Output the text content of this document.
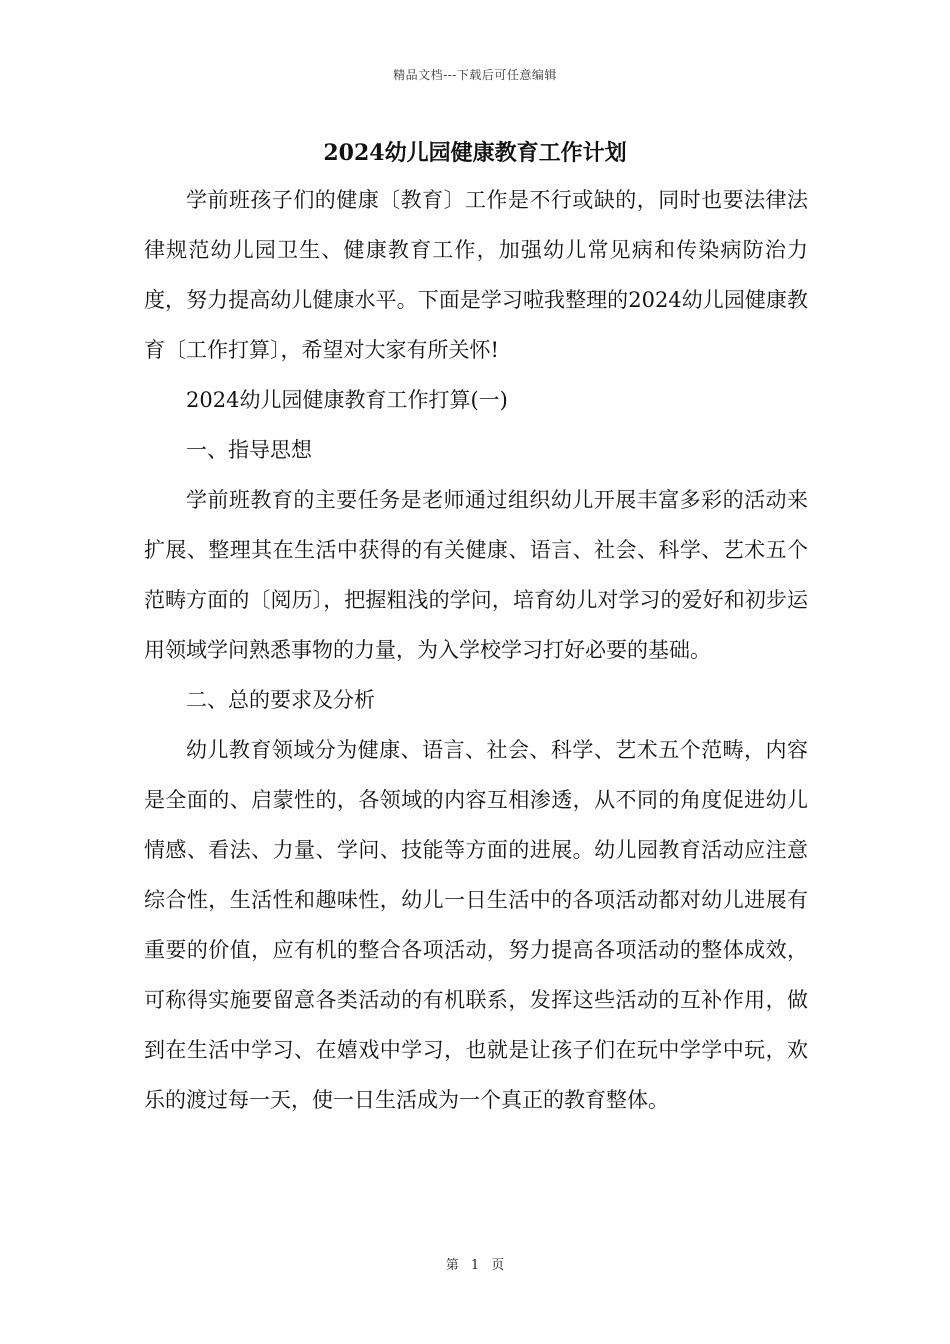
精品文档---下载后可任意编辑
2024幼儿园健康教育工作计划

学前班孩子们的健康〔教育〕工作是不行或缺的，同时也要法律法律规范幼儿园卫生、健康教育工作，加强幼儿常见病和传染病防治力度，努力提高幼儿健康水平。下面是学习啦我整理的2024幼儿园健康教育〔工作打算〕，希望对大家有所关怀!

2024幼儿园健康教育工作打算(一)

一、指导思想

学前班教育的主要任务是老师通过组织幼儿开展丰富多彩的活动来扩展、整理其在生活中获得的有关健康、语言、社会、科学、艺术五个范畴方面的〔阅历〕，把握粗浅的学问，培育幼儿对学习的爱好和初步运用领域学问熟悉事物的力量，为入学校学习打好必要的基础。

二、总的要求及分析

幼儿教育领域分为健康、语言、社会、科学、艺术五个范畴，内容是全面的、启蒙性的，各领域的内容互相渗透，从不同的角度促进幼儿情感、看法、力量、学问、技能等方面的进展。幼儿园教育活动应注意综合性，生活性和趣味性，幼儿一日生活中的各项活动都对幼儿进展有重要的价值，应有机的整合各项活动，努力提高各项活动的整体成效，可称得实施要留意各类活动的有机联系，发挥这些活动的互补作用，做到在生活中学习、在嬉戏中学习，也就是让孩子们在玩中学学中玩，欢乐的渡过每一天，使一日生活成为一个真正的教育整体。

第 1 页
